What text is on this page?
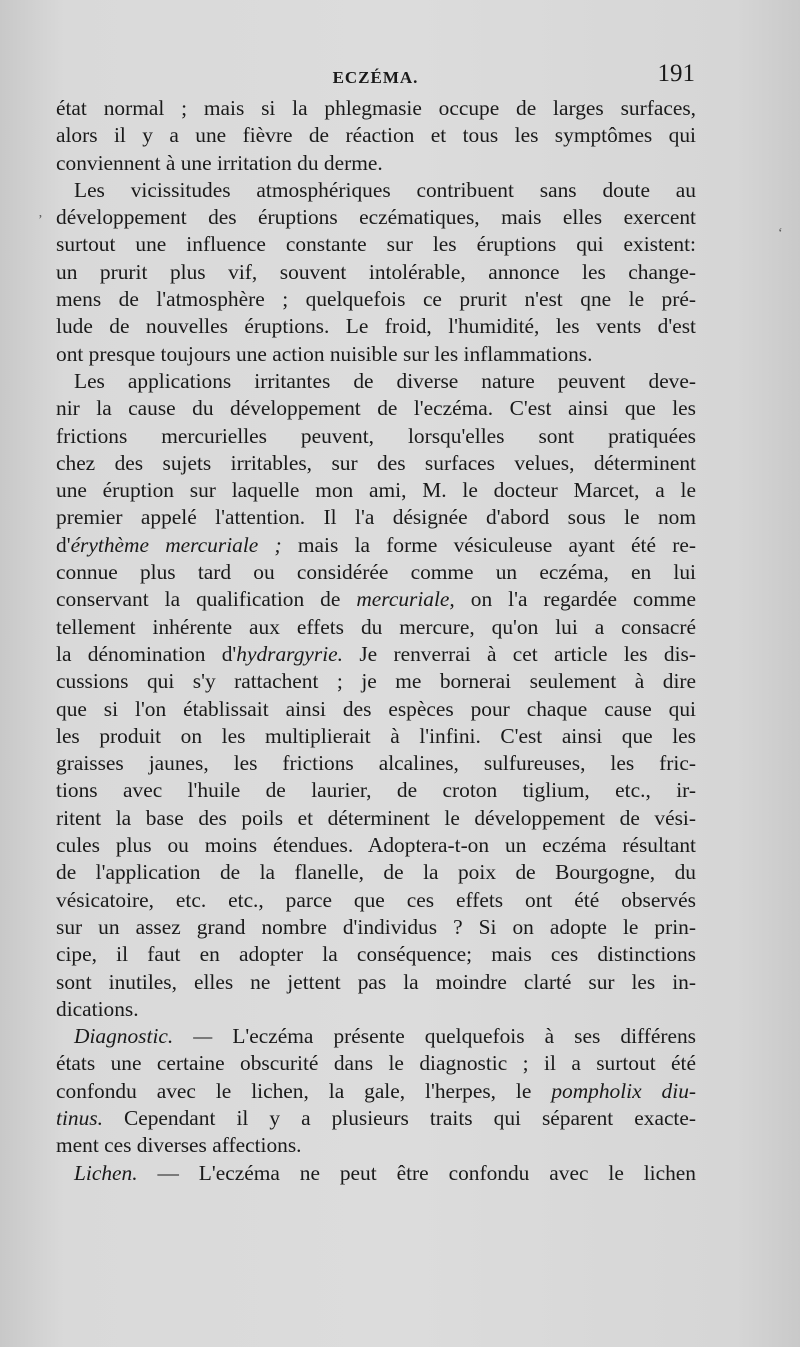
ECZÉMA.	191
’
ʻ

état normal ; mais si la phlegmasie occupe de larges surfaces,
alors il y a une fièvre de réaction et tous les symptômes qui
conviennent à une irritation du derme.

Les vicissitudes atmosphériques contribuent sans doute au
développement des éruptions eczématiques, mais elles exercent
surtout une influence constante sur les éruptions qui existent:
un prurit plus vif, souvent intolérable, annonce les change-
mens de l'atmosphère ; quelquefois ce prurit n'est qne le pré-
lude de nouvelles éruptions. Le froid, l'humidité, les vents d'est
ont presque toujours une action nuisible sur les inflammations.

Les applications irritantes de diverse nature peuvent deve-
nir la cause du développement de l'eczéma. C'est ainsi que les
frictions mercurielles peuvent, lorsqu'elles sont pratiquées
chez des sujets irritables, sur des surfaces velues, déterminent
une éruption sur laquelle mon ami, M. le docteur Marcet, a le
premier appelé l'attention. Il l'a désignée d'abord sous le nom
d'érythème mercuriale ; mais la forme vésiculeuse ayant été re-
connue plus tard ou considérée comme un eczéma, en lui
conservant la qualification de mercuriale, on l'a regardée comme
tellement inhérente aux effets du mercure, qu'on lui a consacré
la dénomination d'hydrargyrie. Je renverrai à cet article les dis-
cussions qui s'y rattachent ; je me bornerai seulement à dire
que si l'on établissait ainsi des espèces pour chaque cause qui
les produit on les multiplierait à l'infini. C'est ainsi que les
graisses jaunes, les frictions alcalines, sulfureuses, les fric-
tions avec l'huile de laurier, de croton tiglium, etc., ir-
ritent la base des poils et déterminent le développement de vési-
cules plus ou moins étendues. Adoptera-t-on un eczéma résultant
de l'application de la flanelle, de la poix de Bourgogne, du
vésicatoire, etc. etc., parce que ces effets ont été observés
sur un assez grand nombre d'individus ? Si on adopte le prin-
cipe, il faut en adopter la conséquence; mais ces distinctions
sont inutiles, elles ne jettent pas la moindre clarté sur les in-
dications.

Diagnostic. — L'eczéma présente quelquefois à ses différens
états une certaine obscurité dans le diagnostic ; il a surtout été
confondu avec le lichen, la gale, l'herpes, le pompholix diu-
tinus. Cependant il y a plusieurs traits qui séparent exacte-
ment ces diverses affections.

Lichen. — L'eczéma ne peut être confondu avec le lichen
